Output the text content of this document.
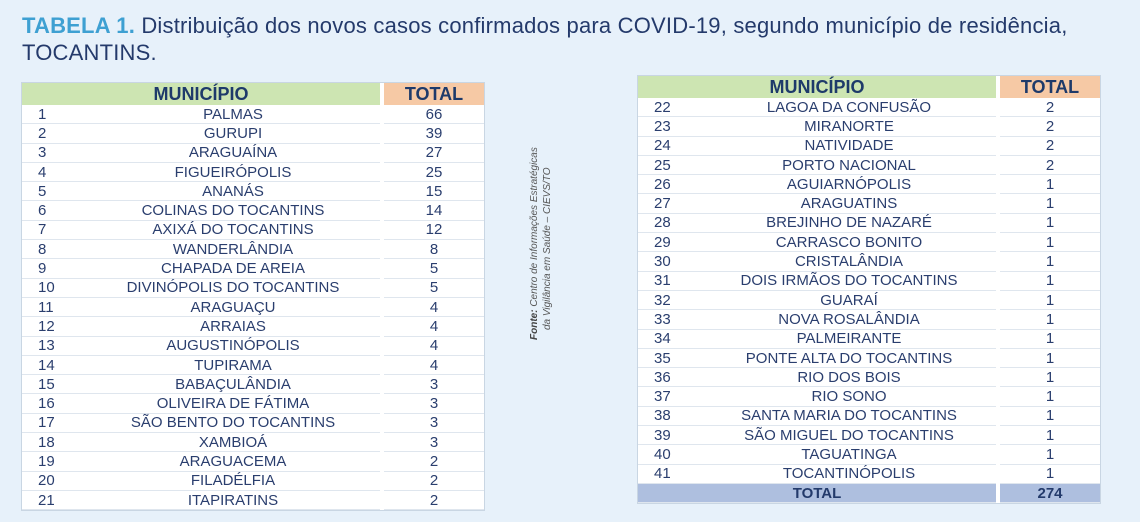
TABELA 1. Distribuição dos novos casos confirmados para COVID-19, segundo município de residência, TOCANTINS.
MUNICÍPIO		TOTAL
1	PALMAS	66
2	GURUPI	39
3	ARAGUAÍNA	27
4	FIGUEIRÓPOLIS	25
5	ANANÁS	15
6	COLINAS DO TOCANTINS	14
7	AXIXÁ DO TOCANTINS	12
8	WANDERLÂNDIA	8
9	CHAPADA DE AREIA	5
10	DIVINÓPOLIS DO TOCANTINS	5
11	ARAGUAÇU	4
12	ARRAIAS	4
13	AUGUSTINÓPOLIS	4
14	TUPIRAMA	4
15	BABAÇULÂNDIA	3
16	OLIVEIRA DE FÁTIMA	3
17	SÃO BENTO DO TOCANTINS	3
18	XAMBIOÁ	3
19	ARAGUACEMA	2
20	FILADÉLFIA	2
21	ITAPIRATINS	2
Fonte: Centro de Informações Estratégicas da Vigilância em Saúde – CIEVS/TO
MUNICÍPIO		TOTAL
22	LAGOA DA CONFUSÃO	2
23	MIRANORTE	2
24	NATIVIDADE	2
25	PORTO NACIONAL	2
26	AGUIARNÓPOLIS	1
27	ARAGUATINS	1
28	BREJINHO DE NAZARÉ	1
29	CARRASCO BONITO	1
30	CRISTALÂNDIA	1
31	DOIS IRMÃOS DO TOCANTINS	1
32	GUARAÍ	1
33	NOVA ROSALÂNDIA	1
34	PALMEIRANTE	1
35	PONTE ALTA DO TOCANTINS	1
36	RIO DOS BOIS	1
37	RIO SONO	1
38	SANTA MARIA DO TOCANTINS	1
39	SÃO MIGUEL DO TOCANTINS	1
40	TAGUATINGA	1
41	TOCANTINÓPOLIS	1
TOTAL		274
